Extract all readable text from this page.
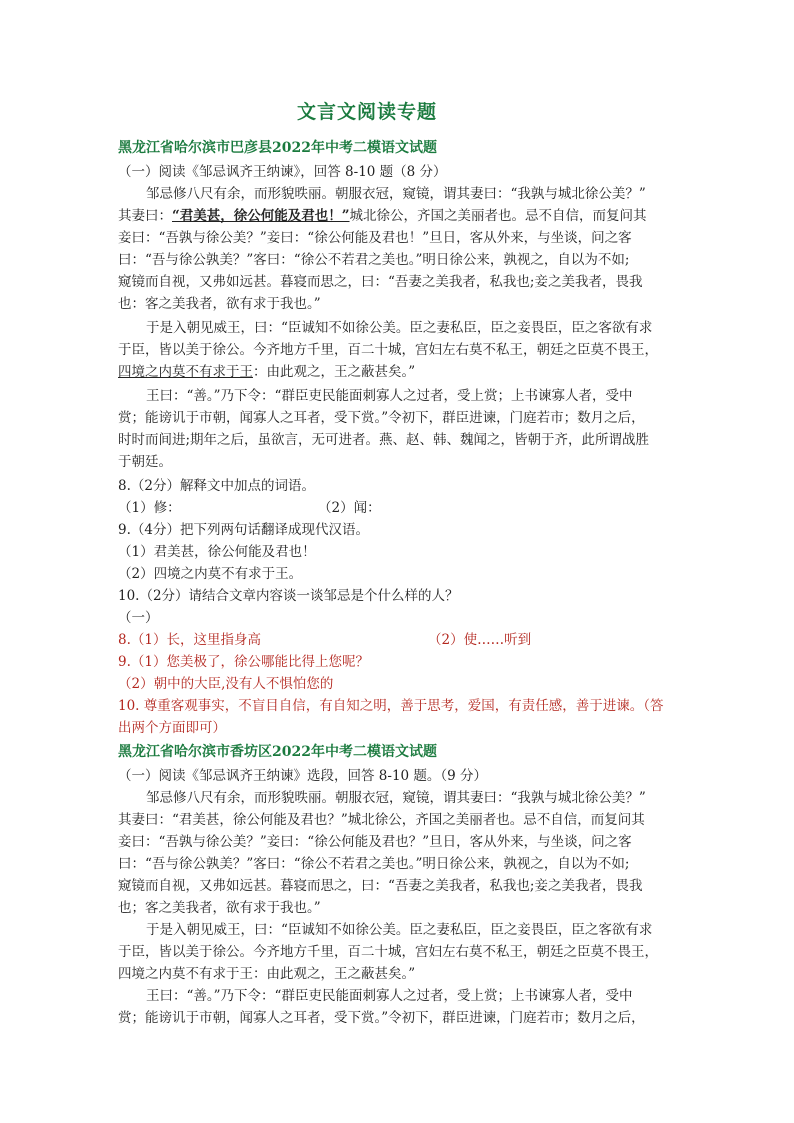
文言文阅读专题
黑龙江省哈尔滨市巴彦县2022年中考二模语文试题
（一）阅读《邹忌讽齐王纳谏》，回答 8-10 题（8 分）
邹忌修八尺有余，而形貌昳丽。朝服衣冠，窥镜，谓其妻曰：“我孰与城北徐公美？”
其妻曰：“君美甚，徐公何能及君也！”城北徐公，齐国之美丽者也。忌不自信，而复问其
妾曰：“吾孰与徐公美？”妾曰：“徐公何能及君也！”旦日，客从外来，与坐谈，问之客
曰：“吾与徐公孰美？”客曰：“徐公不若君之美也。”明日徐公来，孰视之，自以为不如;
窥镜而自视，又弗如远甚。暮寝而思之，曰：“吾妻之美我者，私我也;妾之美我者，畏我
也：客之美我者，欲有求于我也。”
于是入朝见威王，曰：“臣诚知不如徐公美。臣之妻私臣，臣之妾畏臣，臣之客欲有求
于臣，皆以美于徐公。今齐地方千里，百二十城，宫妇左右莫不私王，朝廷之臣莫不畏王，
四境之内莫不有求于王：由此观之，王之蔽甚矣。”
王曰：“善。”乃下令：“群臣吏民能面刺寡人之过者，受上赏；上书谏寡人者，受中
赏；能谤讥于市朝，闻寡人之耳者，受下赏。”令初下，群臣进谏，门庭若市；数月之后，
时时而间进;期年之后，虽欲言，无可进者。燕、赵、韩、魏闻之，皆朝于齐，此所谓战胜
于朝廷。
8.（2分）解释文中加点的词语。
（1）修：	（2）闻：
9.（4分）把下列两句话翻译成现代汉语。
（1）君美甚，徐公何能及君也！
（2）四境之内莫不有求于王。
10.（2分）请结合文章内容谈一谈邹忌是个什么样的人？
（一）
8.（1）长，这里指身高	（2）使……听到
9.（1）您美极了，徐公哪能比得上您呢？
（2）朝中的大臣,没有人不惧怕您的
10. 尊重客观事实，不盲目自信，有自知之明，善于思考，爱国，有责任感，善于进谏。（答
出两个方面即可）
黑龙江省哈尔滨市香坊区2022年中考二模语文试题
（一）阅读《邹忌讽齐王纳谏》选段，回答 8-10 题。（9 分）
邹忌修八尺有余，而形貌昳丽。朝服衣冠，窥镜，谓其妻曰：“我孰与城北徐公美？”
其妻曰：“君美甚，徐公何能及君也？”城北徐公，齐国之美丽者也。忌不自信，而复问其
妾曰：“吾孰与徐公美？”妾曰：“徐公何能及君也？”旦日，客从外来，与坐谈，问之客
曰：“吾与徐公孰美？”客曰：“徐公不若君之美也。”明日徐公来，孰视之，自以为不如;
窥镜而自视，又弗如远甚。暮寝而思之，曰：“吾妻之美我者，私我也;妾之美我者，畏我
也；客之美我者，欲有求于我也。”
于是入朝见威王，曰：“臣诚知不如徐公美。臣之妻私臣，臣之妾畏臣，臣之客欲有求
于臣，皆以美于徐公。今齐地方千里，百二十城，宫妇左右莫不私王，朝廷之臣莫不畏王，
四境之内莫不有求于王：由此观之，王之蔽甚矣。”
王曰：“善。”乃下令：“群臣吏民能面刺寡人之过者，受上赏；上书谏寡人者，受中
赏；能谤讥于市朝，闻寡人之耳者，受下赏。”令初下，群臣进谏，门庭若市；数月之后，
